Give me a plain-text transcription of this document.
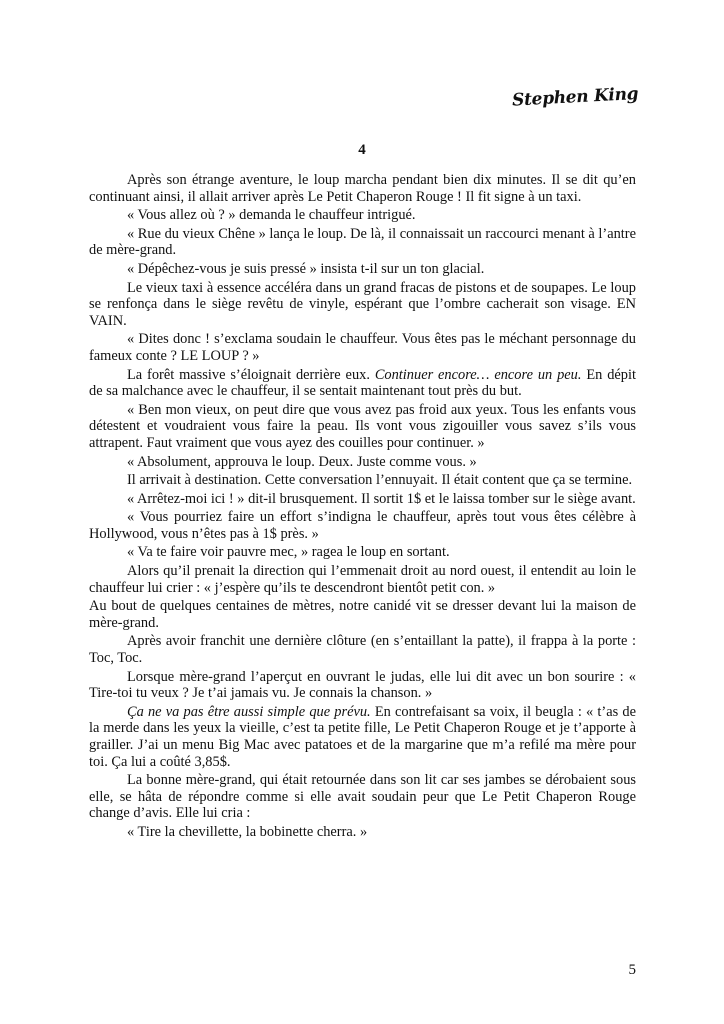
Stephen King
4

Après son étrange aventure, le loup marcha pendant bien dix minutes. Il se dit qu’en continuant ainsi, il allait arriver après Le Petit Chaperon Rouge ! Il fit signe à un taxi.

« Vous allez où ? » demanda le chauffeur intrigué.

« Rue du vieux Chêne » lança le loup. De là, il connaissait un raccourci menant à l’antre de mère-grand.

« Dépêchez-vous je suis pressé » insista t-il sur un ton glacial.

Le vieux taxi à essence accéléra dans un grand fracas de pistons et de soupapes. Le loup se renfonça dans le siège revêtu de vinyle, espérant que l’ombre cacherait son visage. EN VAIN.

« Dites donc ! s’exclama soudain le chauffeur. Vous êtes pas le méchant personnage du fameux conte ? LE LOUP ? »

La forêt massive s’éloignait derrière eux. Continuer encore… encore un peu. En dépit de sa malchance avec le chauffeur, il se sentait maintenant tout près du but.

« Ben mon vieux, on peut dire que vous avez pas froid aux yeux. Tous les enfants vous détestent et voudraient vous faire la peau. Ils vont vous zigouiller vous savez s’ils vous attrapent. Faut vraiment que vous ayez des couilles pour continuer. »

« Absolument, approuva le loup. Deux. Juste comme vous. »

Il arrivait à destination. Cette conversation l’ennuyait. Il était content que ça se termine.

« Arrêtez-moi ici ! » dit-il brusquement. Il sortit 1$ et le laissa tomber sur le siège avant.

« Vous pourriez faire un effort s’indigna le chauffeur, après tout vous êtes célèbre à Hollywood, vous n’êtes pas à 1$ près. »

« Va te faire voir pauvre mec, » ragea le loup en sortant.

Alors qu’il prenait la direction qui l’emmenait droit au nord ouest, il entendit au loin le chauffeur lui crier : « j’espère qu’ils te descendront bientôt petit con. »

Au bout de quelques centaines de mètres, notre canidé vit se dresser devant lui la maison de mère-grand.

Après avoir franchit une dernière clôture (en s’entaillant la patte), il frappa à la porte : Toc, Toc.

Lorsque mère-grand l’aperçut en ouvrant le judas, elle lui dit avec un bon sourire : « Tire-toi tu veux ? Je t’ai jamais vu. Je connais la chanson. »

Ça ne va pas être aussi simple que prévu. En contrefaisant sa voix, il beugla : « t’as de la merde dans les yeux la vieille, c’est ta petite fille, Le Petit Chaperon Rouge et je t’apporte à grailler. J’ai un menu Big Mac avec patatoes et de la margarine que m’a refilé ma mère pour toi. Ça lui a coûté 3,85$.

La bonne mère-grand, qui était retournée dans son lit car ses jambes se dérobaient sous elle, se hâta de répondre comme si elle avait soudain peur que Le Petit Chaperon Rouge change d’avis. Elle lui cria :

« Tire la chevillette, la bobinette cherra. »

5
